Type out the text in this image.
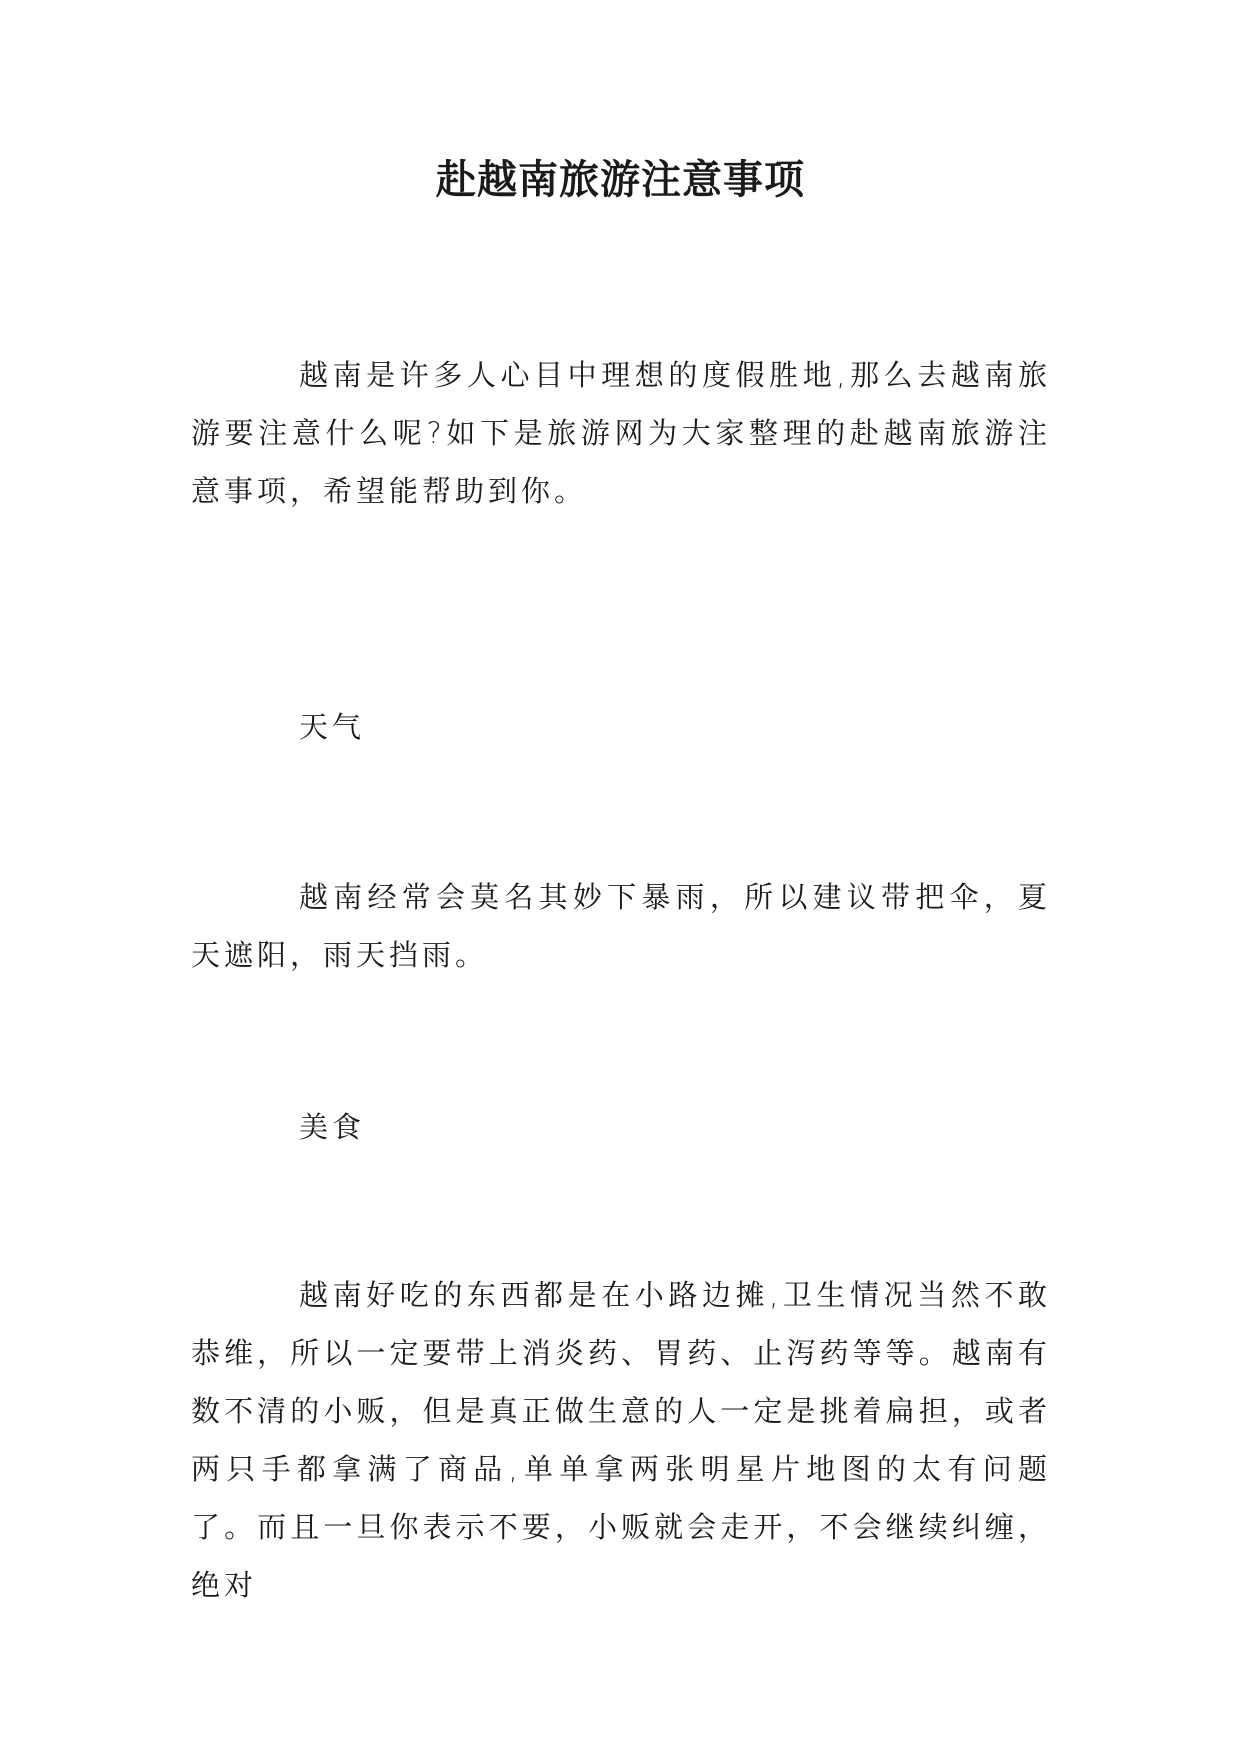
赴越南旅游注意事项
越南是许多人心目中理想的度假胜地,那么去越南旅游要注意什么呢?如下是旅游网为大家整理的赴越南旅游注意事项，希望能帮助到你。
天气
越南经常会莫名其妙下暴雨，所以建议带把伞，夏天遮阳，雨天挡雨。
美食
越南好吃的东西都是在小路边摊,卫生情况当然不敢恭维，所以一定要带上消炎药、胃药、止泻药等等。越南有数不清的小贩，但是真正做生意的人一定是挑着扁担，或者两只手都拿满了商品,单单拿两张明星片地图的太有问题了。而且一旦你表示不要，小贩就会走开，不会继续纠缠，绝对
